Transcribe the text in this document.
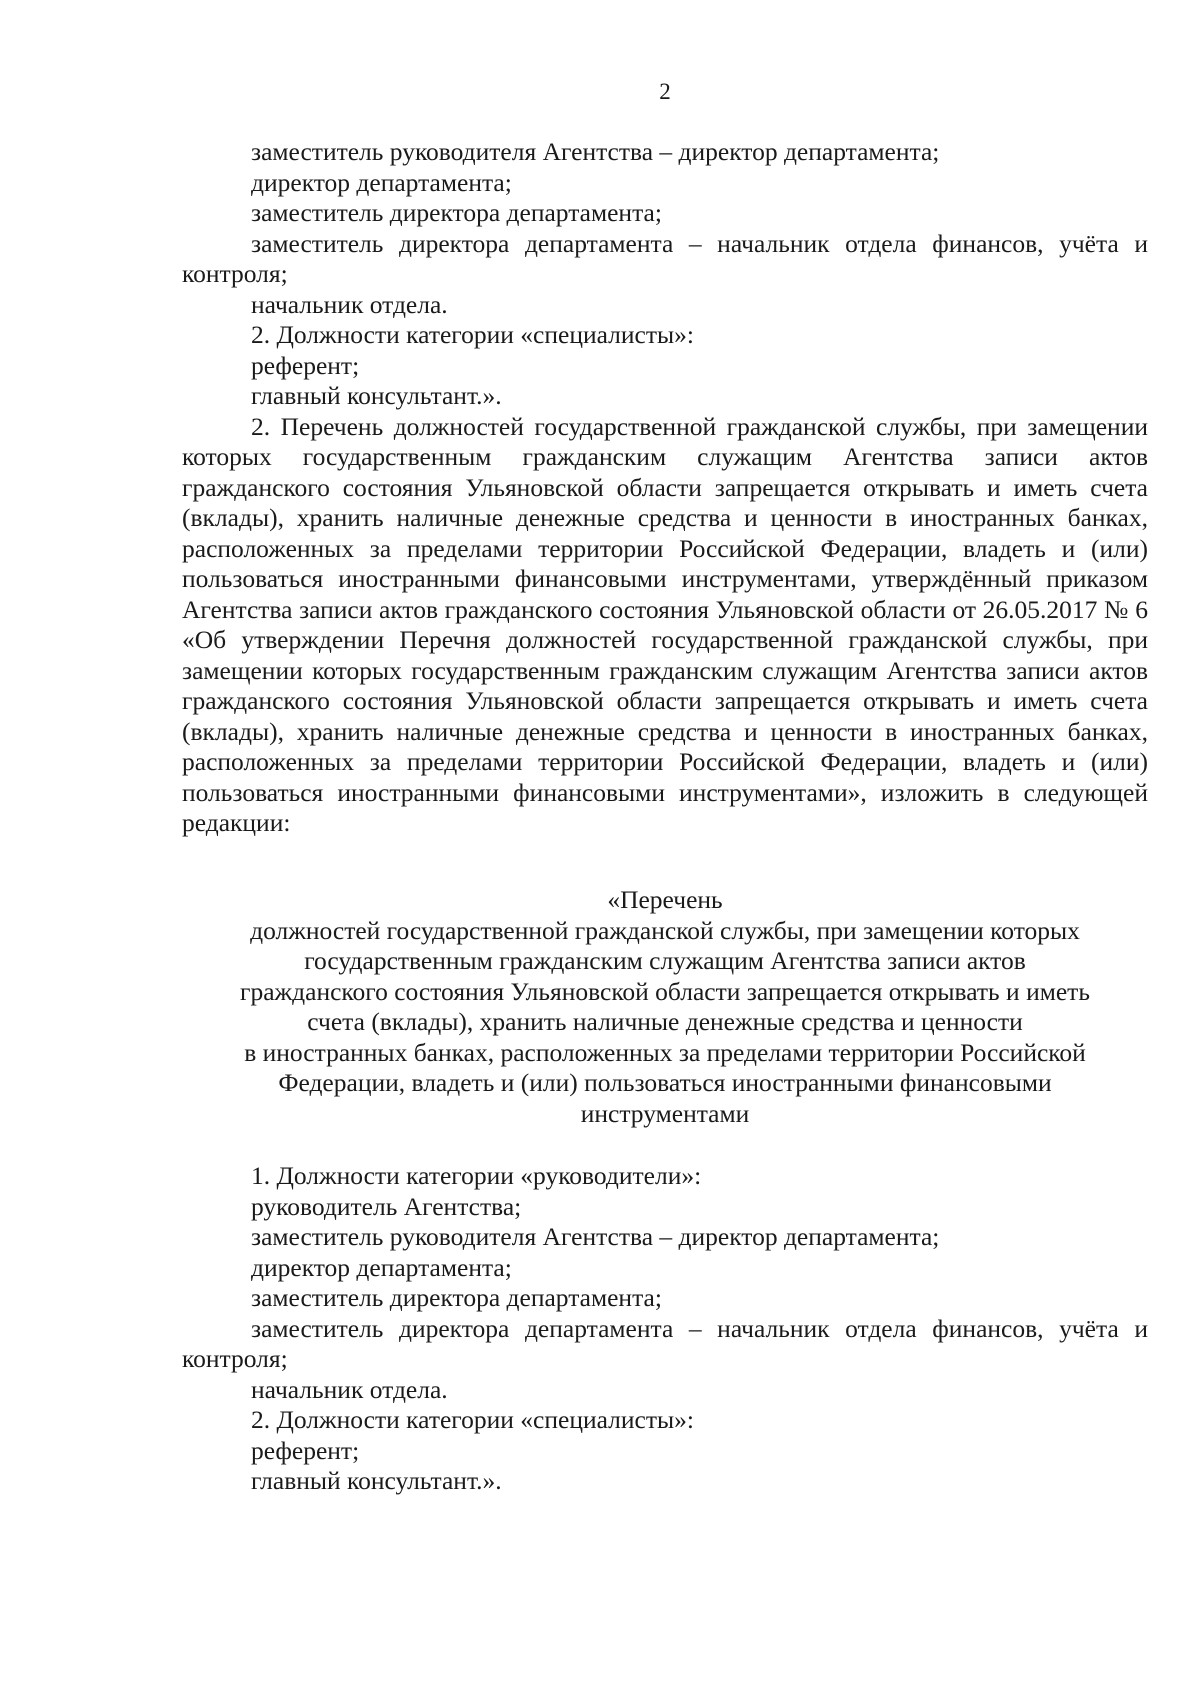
2

заместитель руководителя Агентства – директор департамента;

директор департамента;

заместитель директора департамента;

заместитель директора департамента – начальник отдела финансов, учёта и контроля;

начальник отдела.

2. Должности категории «специалисты»:

референт;

главный консультант.».

2. Перечень должностей государственной гражданской службы, при замещении которых государственным гражданским служащим Агентства записи актов гражданского состояния Ульяновской области запрещается открывать и иметь счета (вклады), хранить наличные денежные средства и ценности в иностранных банках, расположенных за пределами территории Российской Федерации, владеть и (или) пользоваться иностранными финансовыми инструментами, утверждённый приказом Агентства записи актов гражданского состояния Ульяновской области от 26.05.2017 № 6 «Об утверждении Перечня должностей государственной гражданской службы, при замещении которых государственным гражданским служащим Агентства записи актов гражданского состояния Ульяновской области запрещается открывать и иметь счета (вклады), хранить наличные денежные средства и ценности в иностранных банках, расположенных за пределами территории Российской Федерации, владеть и (или) пользоваться иностранными финансовыми инструментами», изложить в следующей редакции:

«Перечень

должностей государственной гражданской службы, при замещении которых

государственным гражданским служащим Агентства записи актов

гражданского состояния Ульяновской области запрещается открывать и иметь

счета (вклады), хранить наличные денежные средства и ценности

в иностранных банках, расположенных за пределами территории Российской

Федерации, владеть и (или) пользоваться иностранными финансовыми

инструментами

1. Должности категории «руководители»:

руководитель Агентства;

заместитель руководителя Агентства – директор департамента;

директор департамента;

заместитель директора департамента;

заместитель директора департамента – начальник отдела финансов, учёта и контроля;

начальник отдела.

2. Должности категории «специалисты»:

референт;

главный консультант.».
